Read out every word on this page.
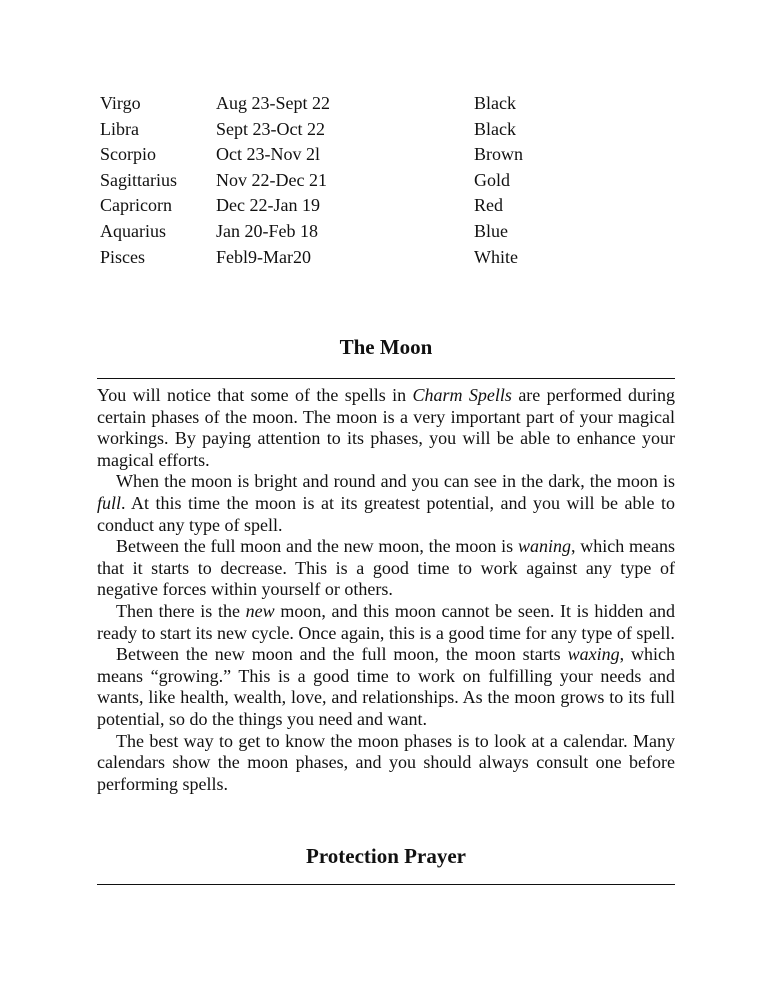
Virgo	Aug 23-Sept 22	Black
Libra	Sept 23-Oct 22	Black
Scorpio	Oct 23-Nov 2l	Brown
Sagittarius Nov 22-Dec 21	Gold
Capricorn Dec 22-Jan 19	Red
Aquarius	Jan 20-Feb 18	Blue
Pisces	Febl9-Mar20	White
The Moon

You will notice that some of the spells in Charm Spells are performed during certain phases of the moon. The moon is a very important part of your magical workings. By paying attention to its phases, you will be able to enhance your magical efforts.

When the moon is bright and round and you can see in the dark, the moon is full. At this time the moon is at its greatest potential, and you will be able to conduct any type of spell.

Between the full moon and the new moon, the moon is waning, which means that it starts to decrease. This is a good time to work against any type of negative forces within yourself or others.

Then there is the new moon, and this moon cannot be seen. It is hidden and ready to start its new cycle. Once again, this is a good time for any type of spell.

Between the new moon and the full moon, the moon starts waxing, which means “growing.” This is a good time to work on fulfilling your needs and wants, like health, wealth, love, and relationships. As the moon grows to its full potential, so do the things you need and want.

The best way to get to know the moon phases is to look at a calendar. Many calendars show the moon phases, and you should always consult one before performing spells.

Protection Prayer
